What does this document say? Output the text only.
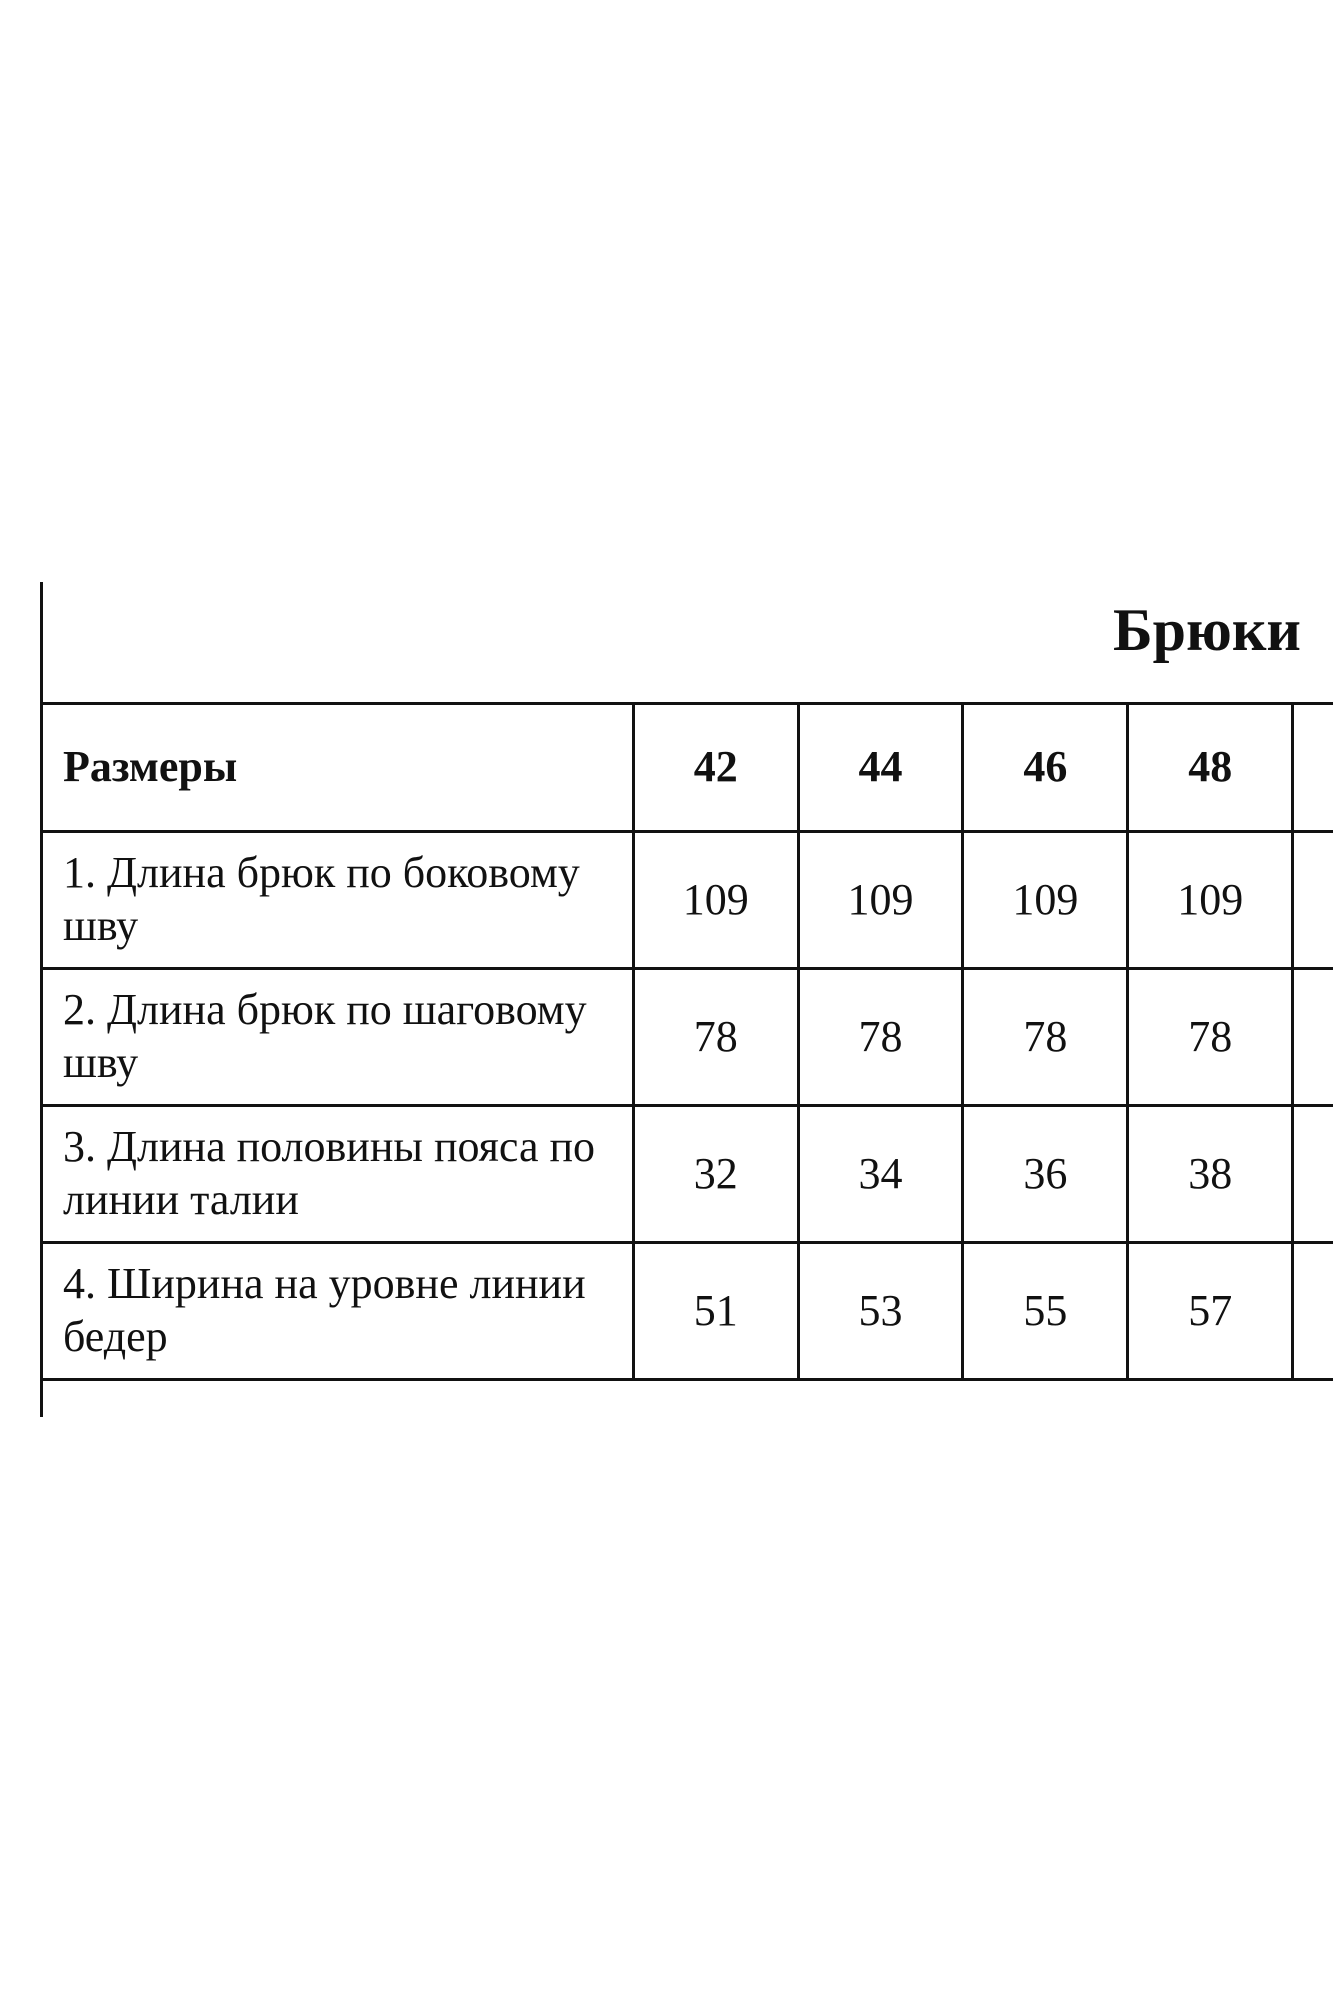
Брюки
Размеры	42	44	46	48	
1. Длина брюк по боковому шву	109	109	109	109	
2. Длина брюк по шаговому шву	78	78	78	78	
3. Длина половины пояса по линии талии	32	34	36	38	
4. Ширина на уровне линии бедер	51	53	55	57	
